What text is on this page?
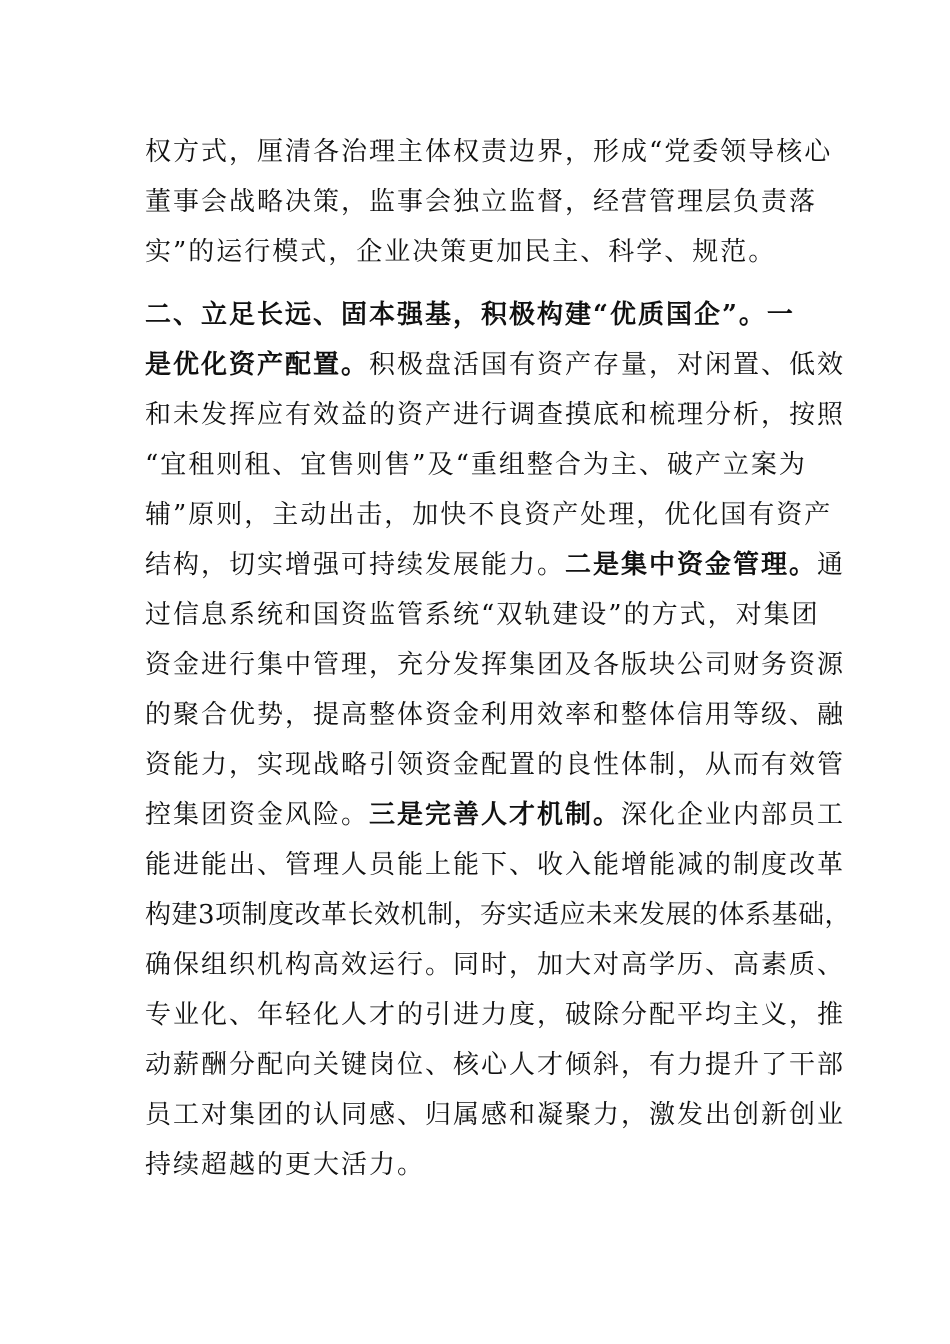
权方式，厘清各治理主体权责边界，形成“党委领导核心
董事会战略决策，监事会独立监督，经营管理层负责落
实”的运行模式，企业决策更加民主、科学、规范。
二、立足长远、固本强基，积极构建“优质国企”。一
是优化资产配置。积极盘活国有资产存量，对闲置、低效
和未发挥应有效益的资产进行调查摸底和梳理分析，按照
“宜租则租、宜售则售”及“重组整合为主、破产立案为
辅”原则，主动出击，加快不良资产处理，优化国有资产
结构，切实增强可持续发展能力。二是集中资金管理。通
过信息系统和国资监管系统“双轨建设”的方式，对集团
资金进行集中管理，充分发挥集团及各版块公司财务资源
的聚合优势，提高整体资金利用效率和整体信用等级、融
资能力，实现战略引领资金配置的良性体制，从而有效管
控集团资金风险。三是完善人才机制。深化企业内部员工
能进能出、管理人员能上能下、收入能增能减的制度改革
构建3项制度改革长效机制，夯实适应未来发展的体系基础，
确保组织机构高效运行。同时，加大对高学历、高素质、
专业化、年轻化人才的引进力度，破除分配平均主义，推
动薪酬分配向关键岗位、核心人才倾斜，有力提升了干部
员工对集团的认同感、归属感和凝聚力，激发出创新创业
持续超越的更大活力。
